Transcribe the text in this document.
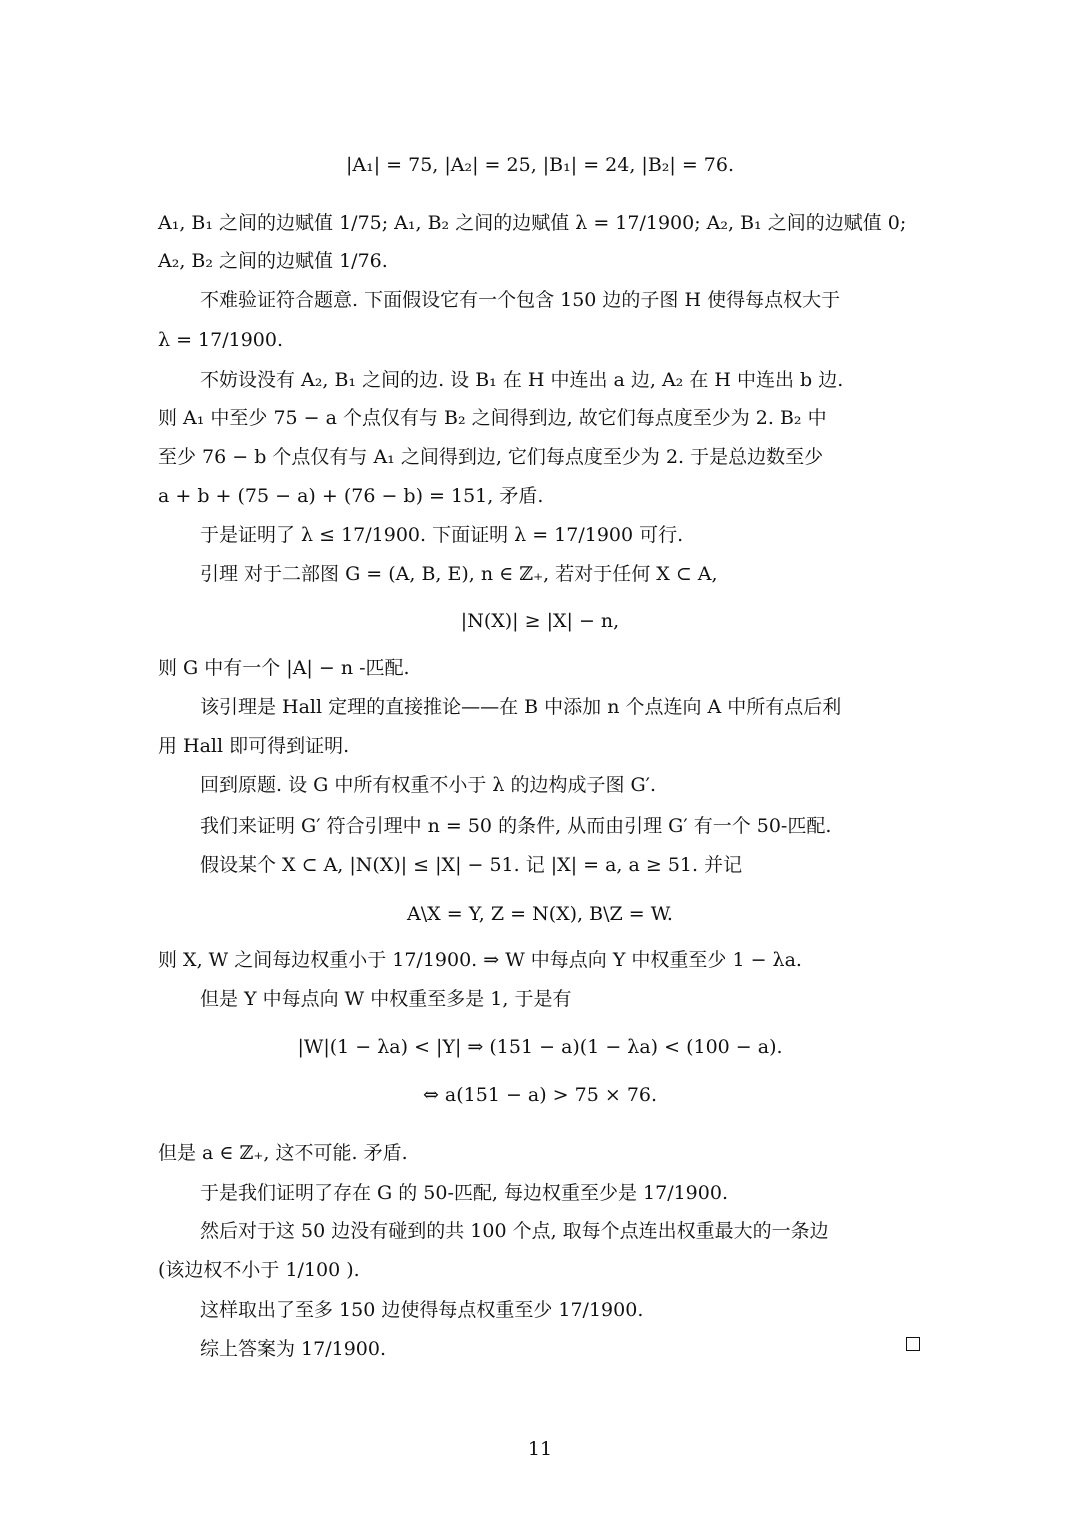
|A₁| = 75, |A₂| = 25, |B₁| = 24, |B₂| = 76.
A₁, B₁ 之间的边赋值 1/75; A₁, B₂ 之间的边赋值 λ = 17/1900; A₂, B₁ 之间的边赋值 0;
A₂, B₂ 之间的边赋值 1/76.
不难验证符合题意. 下面假设它有一个包含 150 边的子图 H 使得每点权大于
λ = 17/1900.
不妨设没有 A₂, B₁ 之间的边. 设 B₁ 在 H 中连出 a 边, A₂ 在 H 中连出 b 边.
则 A₁ 中至少 75 − a 个点仅有与 B₂ 之间得到边, 故它们每点度至少为 2. B₂ 中
至少 76 − b 个点仅有与 A₁ 之间得到边, 它们每点度至少为 2. 于是总边数至少
a + b + (75 − a) + (76 − b) = 151, 矛盾.
于是证明了 λ ≤ 17/1900. 下面证明 λ = 17/1900 可行.
引理 对于二部图 G = (A, B, E), n ∈ ℤ₊, 若对于任何 X ⊂ A,
|N(X)| ≥ |X| − n,
则 G 中有一个 |A| − n -匹配.
该引理是 Hall 定理的直接推论——在 B 中添加 n 个点连向 A 中所有点后利
用 Hall 即可得到证明.
回到原题. 设 G 中所有权重不小于 λ 的边构成子图 G′.
我们来证明 G′ 符合引理中 n = 50 的条件, 从而由引理 G′ 有一个 50-匹配.
假设某个 X ⊂ A, |N(X)| ≤ |X| − 51. 记 |X| = a, a ≥ 51. 并记
A\X = Y, Z = N(X), B\Z = W.
则 X, W 之间每边权重小于 17/1900. ⇒ W 中每点向 Y 中权重至少 1 − λa.
但是 Y 中每点向 W 中权重至多是 1, 于是有
|W|(1 − λa) < |Y| ⇒ (151 − a)(1 − λa) < (100 − a).
⇔ a(151 − a) > 75 × 76.
但是 a ∈ ℤ₊, 这不可能. 矛盾.
于是我们证明了存在 G 的 50-匹配, 每边权重至少是 17/1900.
然后对于这 50 边没有碰到的共 100 个点, 取每个点连出权重最大的一条边
(该边权不小于 1/100 ).
这样取出了至多 150 边使得每点权重至少 17/1900.
综上答案为 17/1900.
11
